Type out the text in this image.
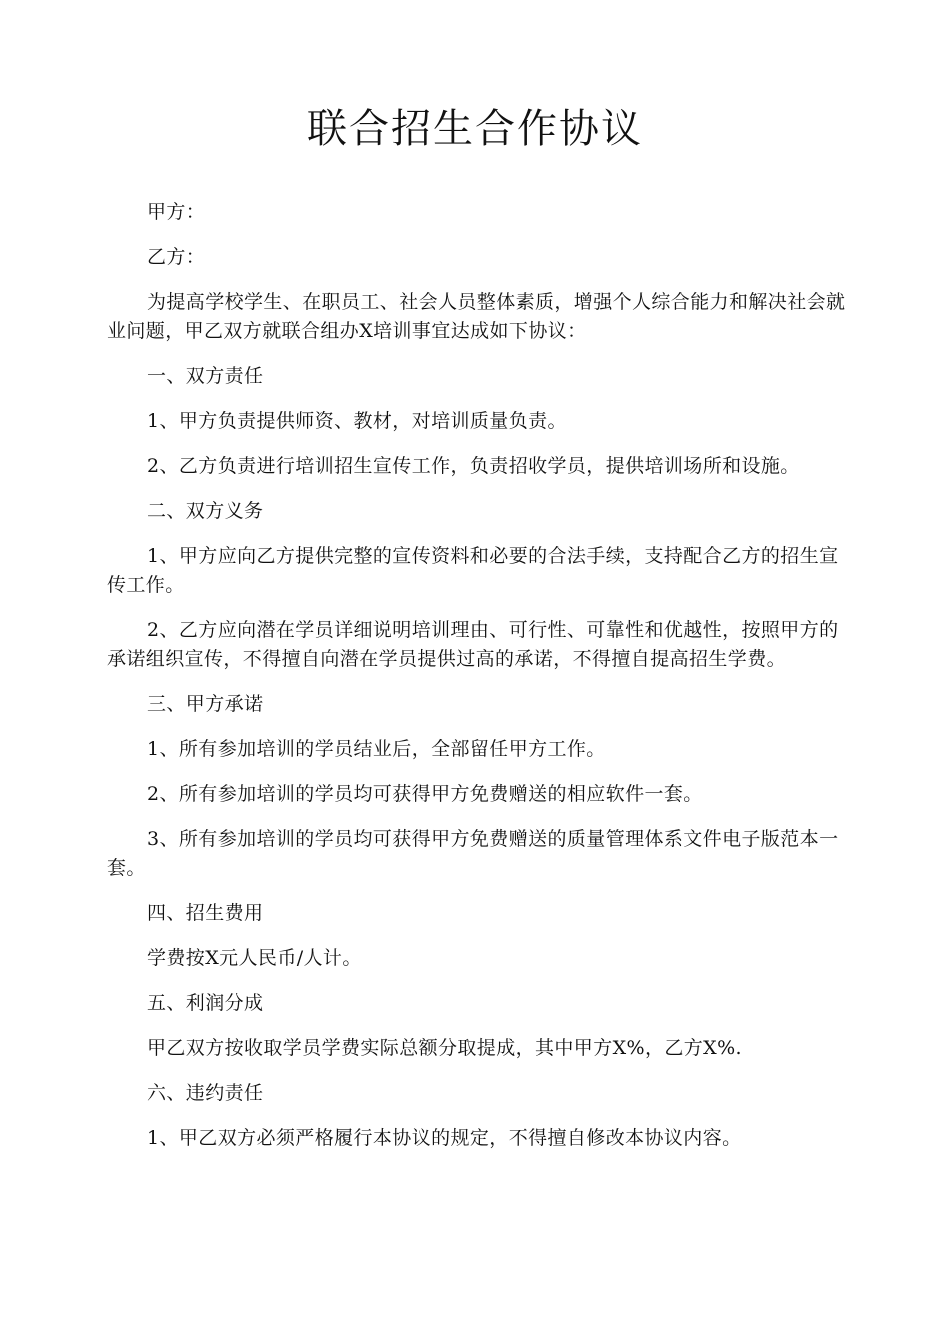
联合招生合作协议

甲方：

乙方：

为提高学校学生、在职员工、社会人员整体素质，增强个人综合能力和解决社会就业问题，甲乙双方就联合组办X培训事宜达成如下协议：

一、双方责任

1、甲方负责提供师资、教材，对培训质量负责。

2、乙方负责进行培训招生宣传工作，负责招收学员，提供培训场所和设施。

二、双方义务

1、甲方应向乙方提供完整的宣传资料和必要的合法手续，支持配合乙方的招生宣传工作。

2、乙方应向潜在学员详细说明培训理由、可行性、可靠性和优越性，按照甲方的承诺组织宣传，不得擅自向潜在学员提供过高的承诺，不得擅自提高招生学费。

三、甲方承诺

1、所有参加培训的学员结业后，全部留任甲方工作。

2、所有参加培训的学员均可获得甲方免费赠送的相应软件一套。

3、所有参加培训的学员均可获得甲方免费赠送的质量管理体系文件电子版范本一套。

四、招生费用

学费按X元人民币/人计。

五、利润分成

甲乙双方按收取学员学费实际总额分取提成，其中甲方X%，乙方X%.

六、违约责任

1、甲乙双方必须严格履行本协议的规定，不得擅自修改本协议内容。
